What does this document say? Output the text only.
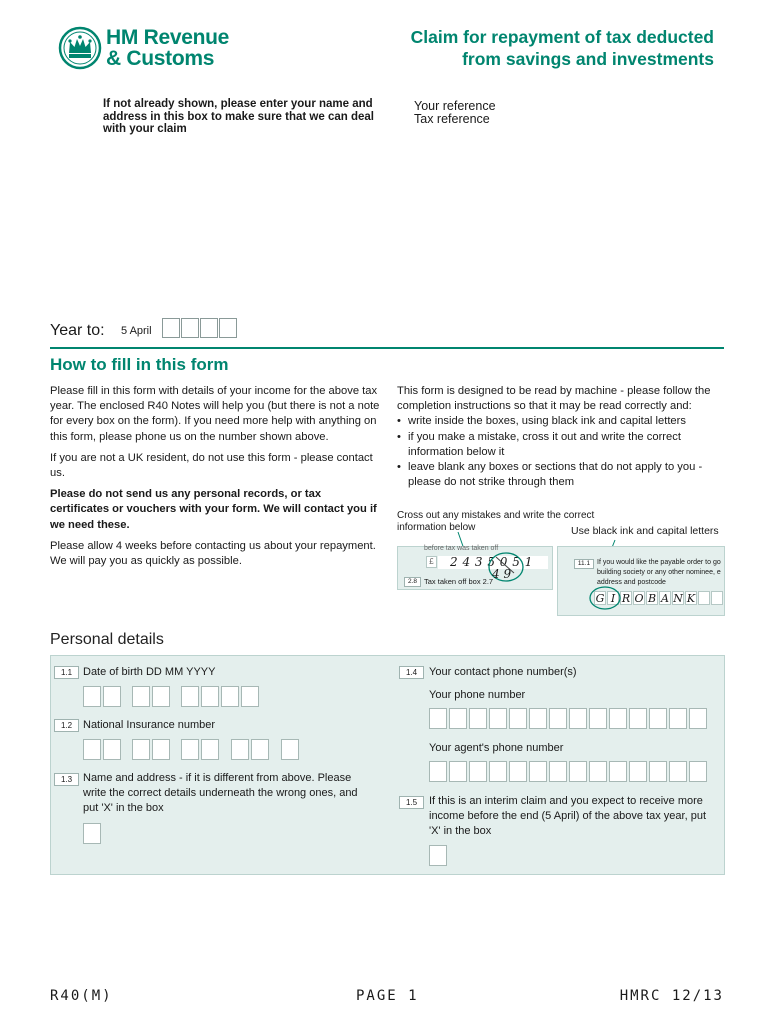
HM Revenue
& Customs
Claim for repayment of tax deducted
from savings and investments
If not already shown, please enter your name and address in this box to make sure that we can deal with your claim
Your reference
Tax reference
Year to: 5 April
How to fill in this form

Please fill in this form with details of your income for the above tax year. The enclosed R40 Notes will help you (but there is not a note for every box on the form). If you need more help with anything on this form, please phone us on the number shown above.

If you are not a UK resident, do not use this form - please contact us.

Please do not send us any personal records, or tax certificates or vouchers with your form. We will contact you if we need these.

Please allow 4 weeks before contacting us about your repayment. We will pay you as quickly as possible.

This form is designed to be read by machine - please follow the completion instructions so that it may be read correctly and:
• write inside the boxes, using black ink and capital letters
• if you make a mistake, cross it out and write the correct information below it
• leave blank any boxes or sections that do not apply to you - please do not strike through them
Cross out any mistakes and write the correct information below	Use black ink and capital letters
before tax was taken off
£ 2 4 3 5 0 5 1
4 9
2.8 Tax taken off box 2.7
11.1 If you would like the payable order to go
building society or any other nominee, e
address and postcode
G I R O B A N K
Personal details
1.1 Date of birth DD MM YYYY
1.2 National Insurance number
1.3 Name and address - if it is different from above. Please write the correct details underneath the wrong ones, and put 'X' in the box
1.4	Your contact phone number(s)
Your phone number
Your agent's phone number
1.5	If this is an interim claim and you expect to receive more income before the end (5 April) of the above tax year, put 'X' in the box
R40(M)	PAGE 1	HMRC 12/13
